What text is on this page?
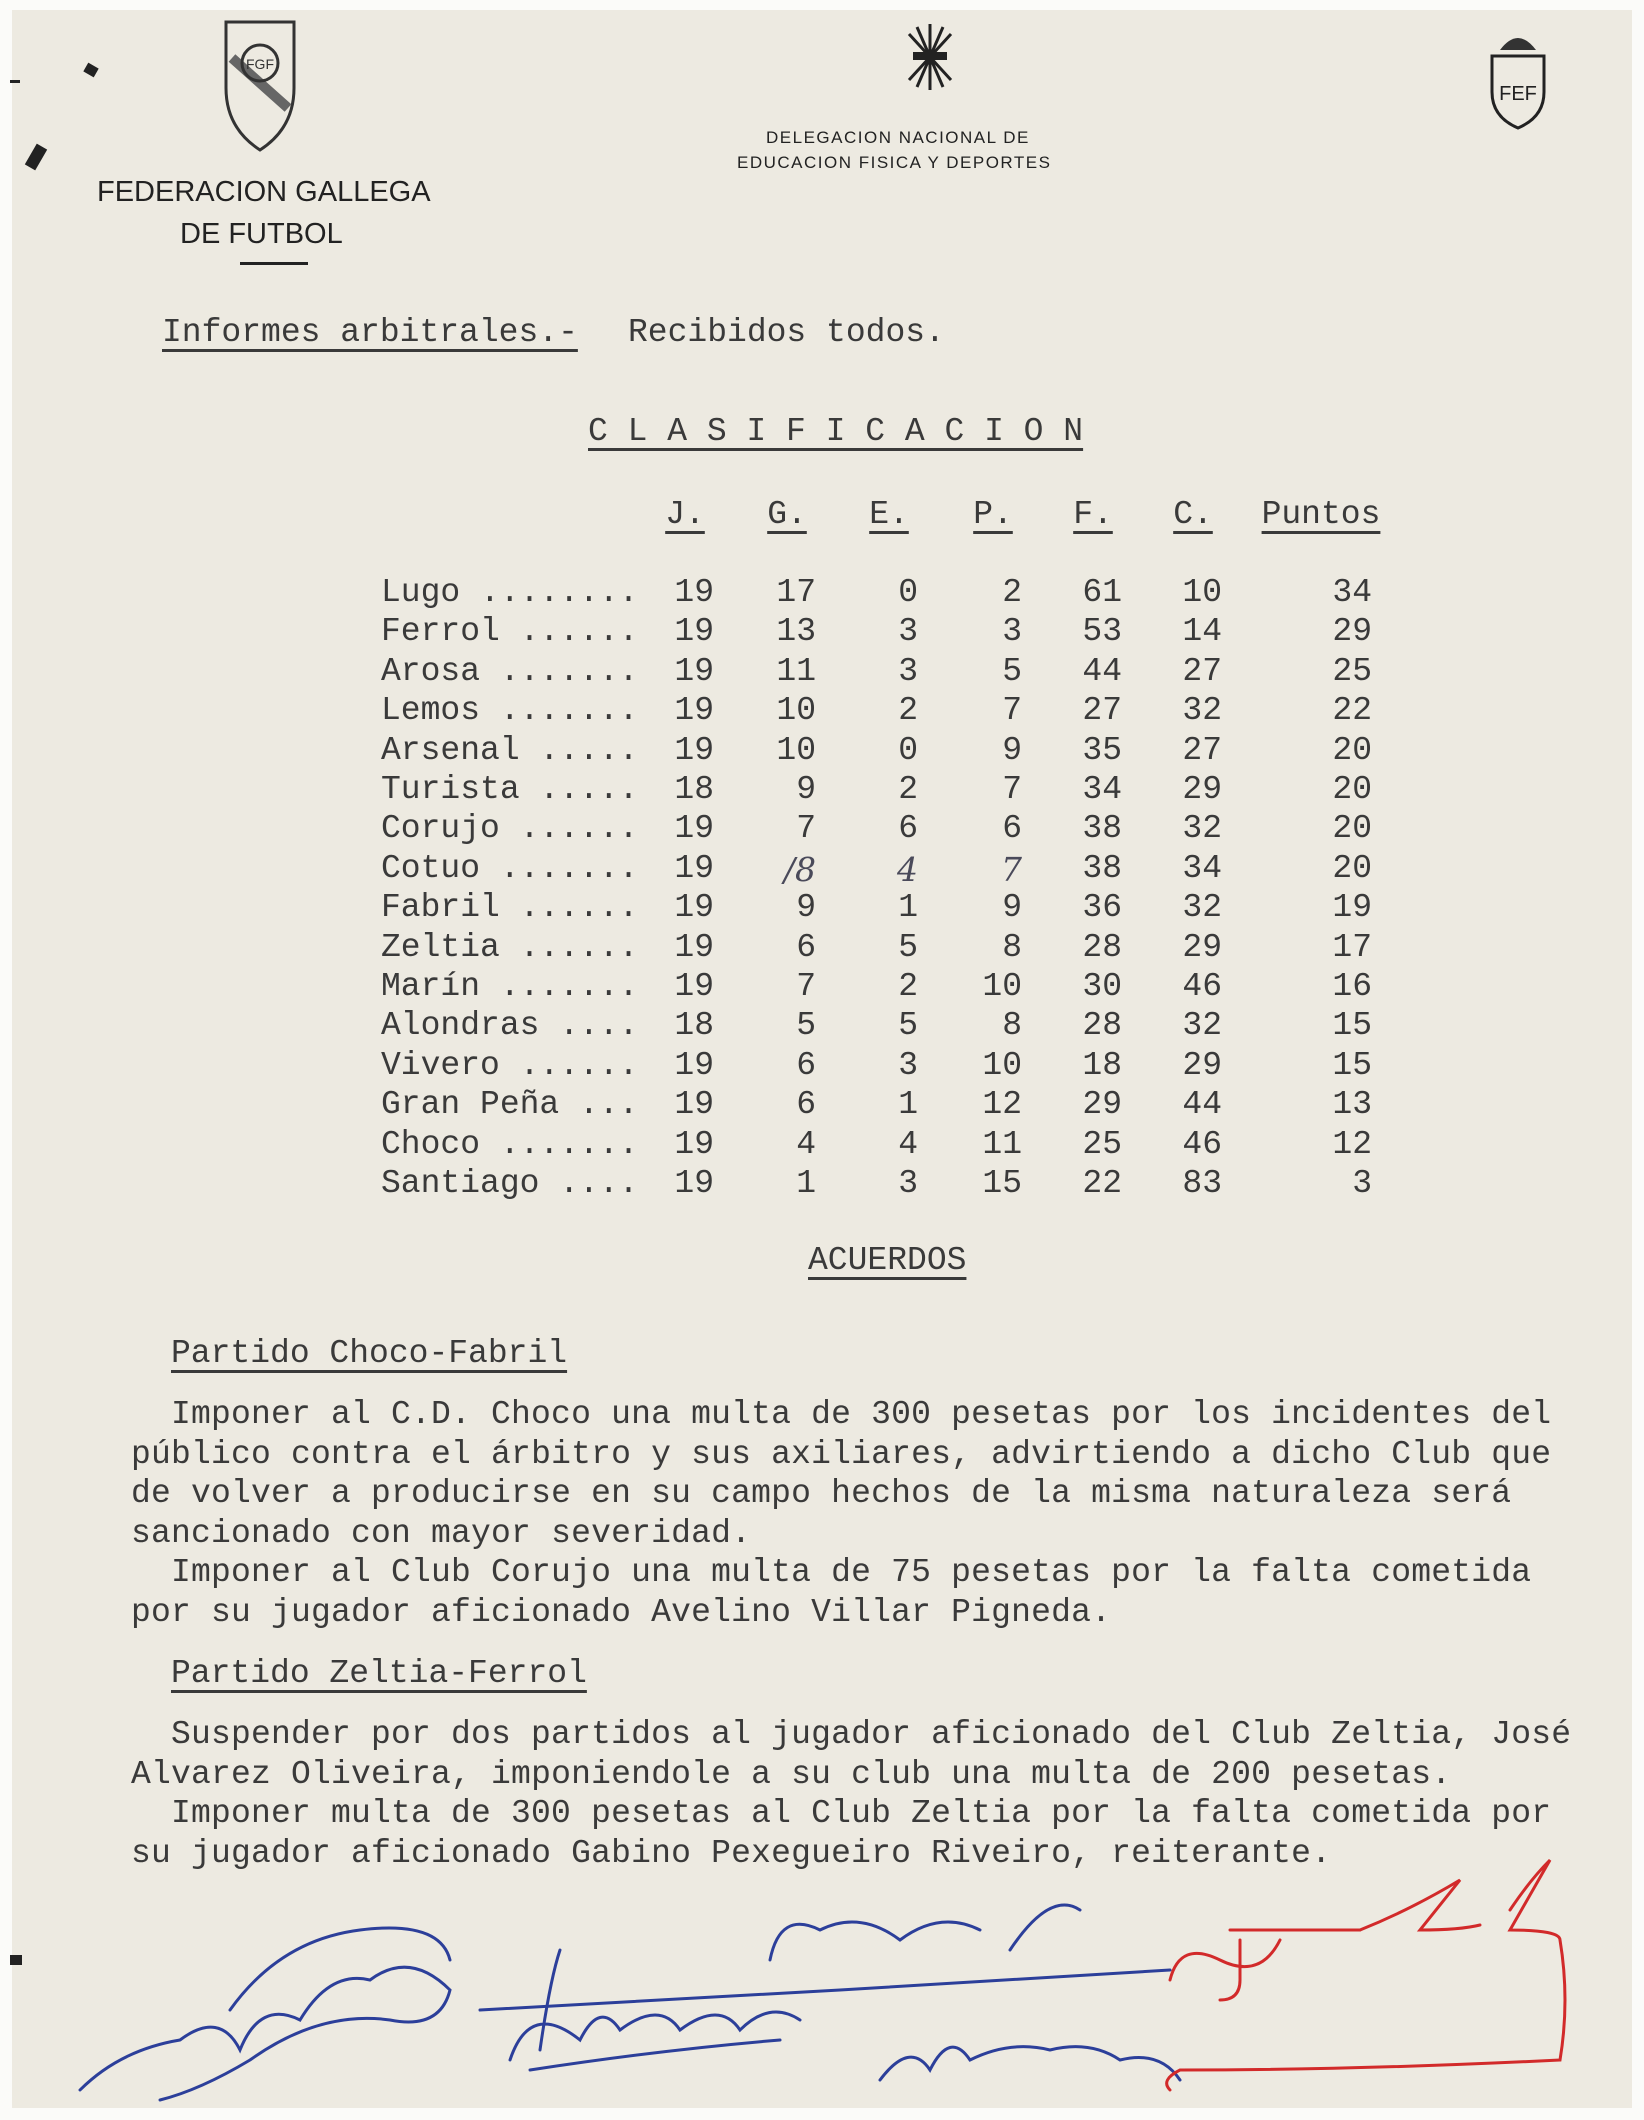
FGF
FEF
FEDERACION GALLEGA
DE FUTBOL
DELEGACION NACIONAL DE
EDUCACION FISICA Y DEPORTES
Informes arbitrales.- Recibidos todos.
C L A S I F I C A C I O N
J.	G.	E.	P.	F.	C.	Puntos
Lugo ........	19	17	0	2	61	10	34
Ferrol ......	19	13	3	3	53	14	29
Arosa .......	19	11	3	5	44	27	25
Lemos .......	19	10	2	7	27	32	22
Arsenal .....	19	10	0	9	35	27	20
Turista .....	18	9	2	7	34	29	20
Corujo ......	19	7	6	6	38	32	20
Cotuo .......	19	/8	4	7	38	34	20
Fabril ......	19	9	1	9	36	32	19
Zeltia ......	19	6	5	8	28	29	17
Marín .......	19	7	2	10	30	46	16
Alondras ....	18	5	5	8	28	32	15
Vivero ......	19	6	3	10	18	29	15
Gran Peña ...	19	6	1	12	29	44	13
Choco .......	19	4	4	11	25	46	12
Santiago ....	19	1	3	15	22	83	3
ACUERDOS
Partido Choco-Fabril
Imponer al C.D. Choco una multa de 300 pesetas por los incidentes del
público contra el árbitro y sus axiliares, advirtiendo a dicho Club que
de volver a producirse en su campo hechos de la misma naturaleza será
sancionado con mayor severidad.
Imponer al Club Corujo una multa de 75 pesetas por la falta cometida
por su jugador aficionado Avelino Villar Pigneda.
Partido Zeltia-Ferrol
Suspender por dos partidos al jugador aficionado del Club Zeltia, José
Alvarez Oliveira, imponiendole a su club una multa de 200 pesetas.
Imponer multa de 300 pesetas al Club Zeltia por la falta cometida por
su jugador aficionado Gabino Pexegueiro Riveiro, reiterante.
